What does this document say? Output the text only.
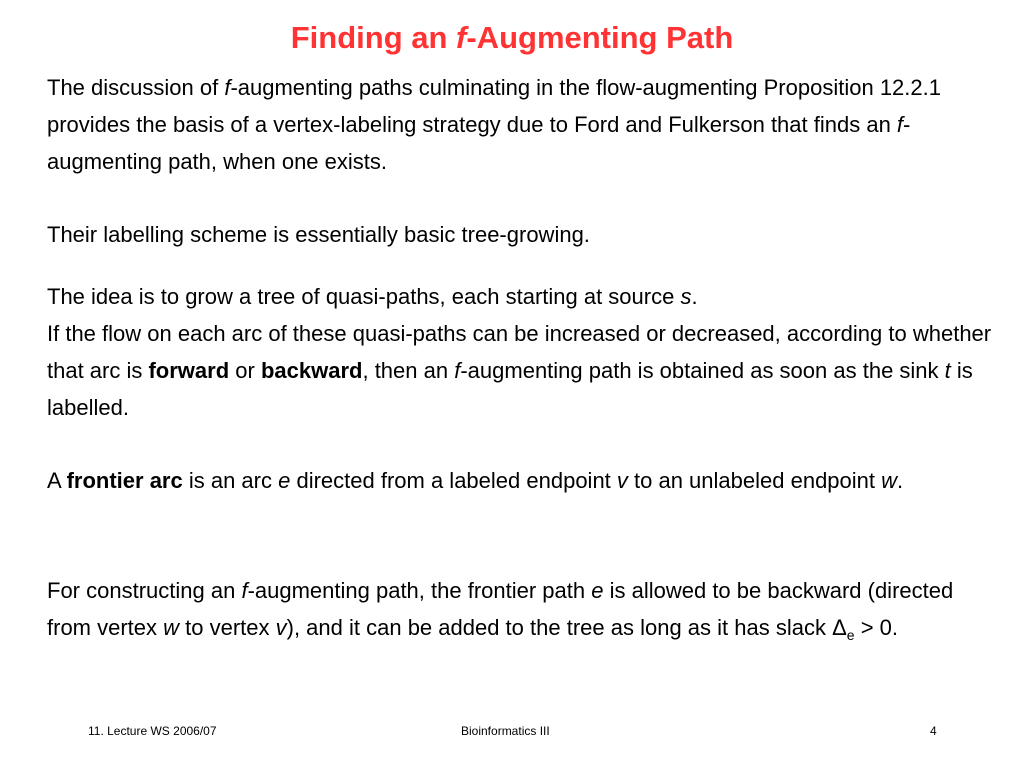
Finding an f-Augmenting Path

The discussion of f-augmenting paths culminating in the flow-augmenting Proposition 12.2.1 provides the basis of a vertex-labeling strategy due to Ford and Fulkerson that finds an f-augmenting path, when one exists.

Their labelling scheme is essentially basic tree-growing.

The idea is to grow a tree of quasi-paths, each starting at source s.

If the flow on each arc of these quasi-paths can be increased or decreased, according to whether that arc is forward or backward, then an f-augmenting path is obtained as soon as the sink t is labelled.

A frontier arc is an arc e directed from a labeled endpoint v to an unlabeled endpoint w.

For constructing an f-augmenting path, the frontier path e is allowed to be backward (directed from vertex w to vertex v), and it can be added to the tree as long as it has slack $\Delta_e > 0$.

11. Lecture WS 2006/07	Bioinformatics III	4
